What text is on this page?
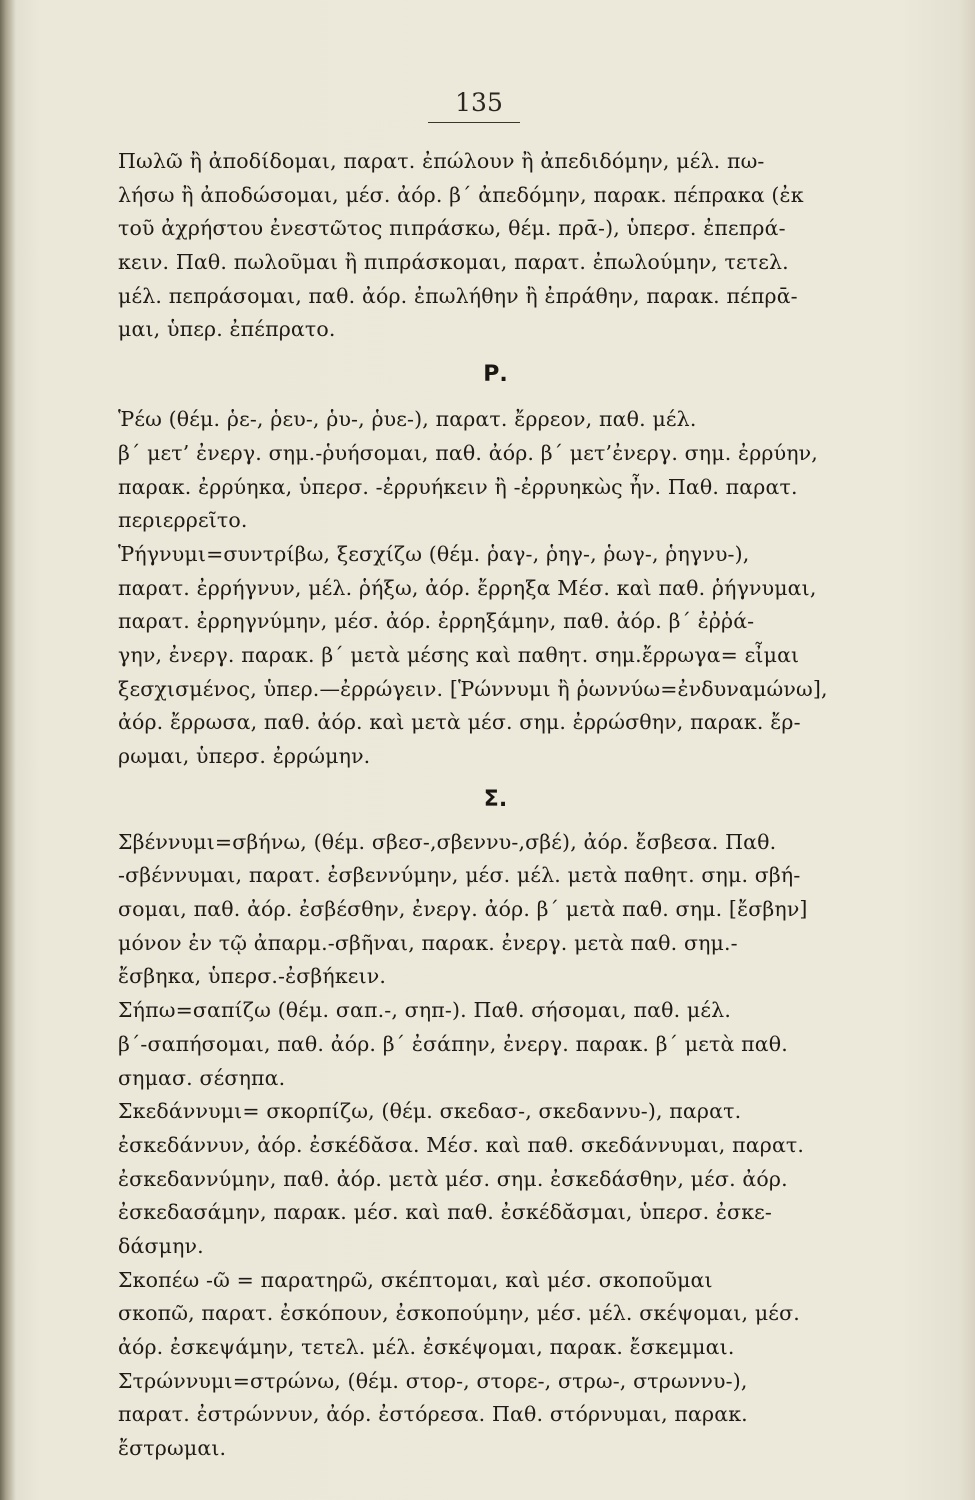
135
Πωλῶ ἢ ἀποδίδομαι, παρατ. ἐπώλουν ἢ ἀπεδιδόμην, μέλ. πω-
λήσω ἢ ἀποδώσομαι, μέσ. ἀόρ. β΄ ἀπεδόμην, παρακ. πέπρακα (ἐκ
τοῦ ἀχρήστου ἐνεστῶτος πιπράσκω, θέμ. πρᾱ-), ὑπερσ. ἐπεπρά-
κειν. Παθ. πωλοῦμαι ἢ πιπράσκομαι, παρατ. ἐπωλούμην, τετελ.
μέλ. πεπράσομαι, παθ. ἀόρ. ἐπωλήθην ἢ ἐπράθην, παρακ. πέπρᾱ-
μαι, ὑπερ. ἐπέπρατο.
Ρ.
Ῥέω (θέμ. ῥε-, ῥευ-, ῥυ-, ῥυε-), παρατ. ἔρρεον, παθ. μέλ.
β΄ μετ’ ἐνεργ. σημ.-ῥυήσομαι, παθ. ἀόρ. β΄ μετ’ἐνεργ. σημ. ἐρρύην,
παρακ. ἐρρύηκα, ὑπερσ. -ἐρρυήκειν ἢ -ἐρρυηκὼς ἦν. Παθ. παρατ.
περιερρεῖτο.
Ῥήγνυμι=συντρίβω, ξεσχίζω (θέμ. ῥαγ-, ῥηγ-, ῥωγ-, ῥηγνυ-),
παρατ. ἐρρήγνυν, μέλ. ῥήξω, ἀόρ. ἔρρηξα Μέσ. καὶ παθ. ῥήγνυμαι,
παρατ. ἐρρηγνύμην, μέσ. ἀόρ. ἐρρηξάμην, παθ. ἀόρ. β΄ ἐῤῥά-
γην, ἐνεργ. παρακ. β΄ μετὰ μέσης καὶ παθητ. σημ.ἔρρωγα= εἶμαι
ξεσχισμένος, ὑπερ.—ἐρρώγειν. [Ῥώννυμι ἢ ῥωννύω=ἐνδυναμώνω],
ἀόρ. ἔρρωσα, παθ. ἀόρ. καὶ μετὰ μέσ. σημ. ἐρρώσθην, παρακ. ἔρ-
ρωμαι, ὑπερσ. ἐρρώμην.
Σ.
Σβέννυμι=σβήνω, (θέμ. σβεσ-,σβεννυ-,σβέ), ἀόρ. ἔσβεσα. Παθ.
-σβέννυμαι, παρατ. ἐσβεννύμην, μέσ. μέλ. μετὰ παθητ. σημ. σβή-
σομαι, παθ. ἀόρ. ἐσβέσθην, ἐνεργ. ἀόρ. β΄ μετὰ παθ. σημ. [ἔσβην]
μόνον ἐν τῷ ἀπαρμ.-σβῆναι, παρακ. ἐνεργ. μετὰ παθ. σημ.-
ἔσβηκα, ὑπερσ.-ἐσβήκειν.
Σήπω=σαπίζω (θέμ. σαπ.-, σηπ-). Παθ. σήσομαι, παθ. μέλ.
β΄-σαπήσομαι, παθ. ἀόρ. β΄ ἐσάπην, ἐνεργ. παρακ. β΄ μετὰ παθ.
σημασ. σέσηπα.
Σκεδάννυμι= σκορπίζω, (θέμ. σκεδασ-, σκεδαννυ-), παρατ.
ἐσκεδάννυν, ἀόρ. ἐσκέδᾰσα. Μέσ. καὶ παθ. σκεδάννυμαι, παρατ.
ἐσκεδαννύμην, παθ. ἀόρ. μετὰ μέσ. σημ. ἐσκεδάσθην, μέσ. ἀόρ.
ἐσκεδασάμην, παρακ. μέσ. καὶ παθ. ἐσκέδᾰσμαι, ὑπερσ. ἐσκε-
δάσμην.
Σκοπέω -ῶ = παρατηρῶ, σκέπτομαι, καὶ μέσ. σκοποῦμαι
σκοπῶ, παρατ. ἐσκόπουν, ἐσκοπούμην, μέσ. μέλ. σκέψομαι, μέσ.
ἀόρ. ἐσκεψάμην, τετελ. μέλ. ἐσκέψομαι, παρακ. ἔσκεμμαι.
Στρώννυμι=στρώνω, (θέμ. στορ-, στορε-, στρω-, στρωννυ-),
παρατ. ἐστρώννυν, ἀόρ. ἐστόρεσα. Παθ. στόρνυμαι, παρακ.
ἔστρωμαι.
